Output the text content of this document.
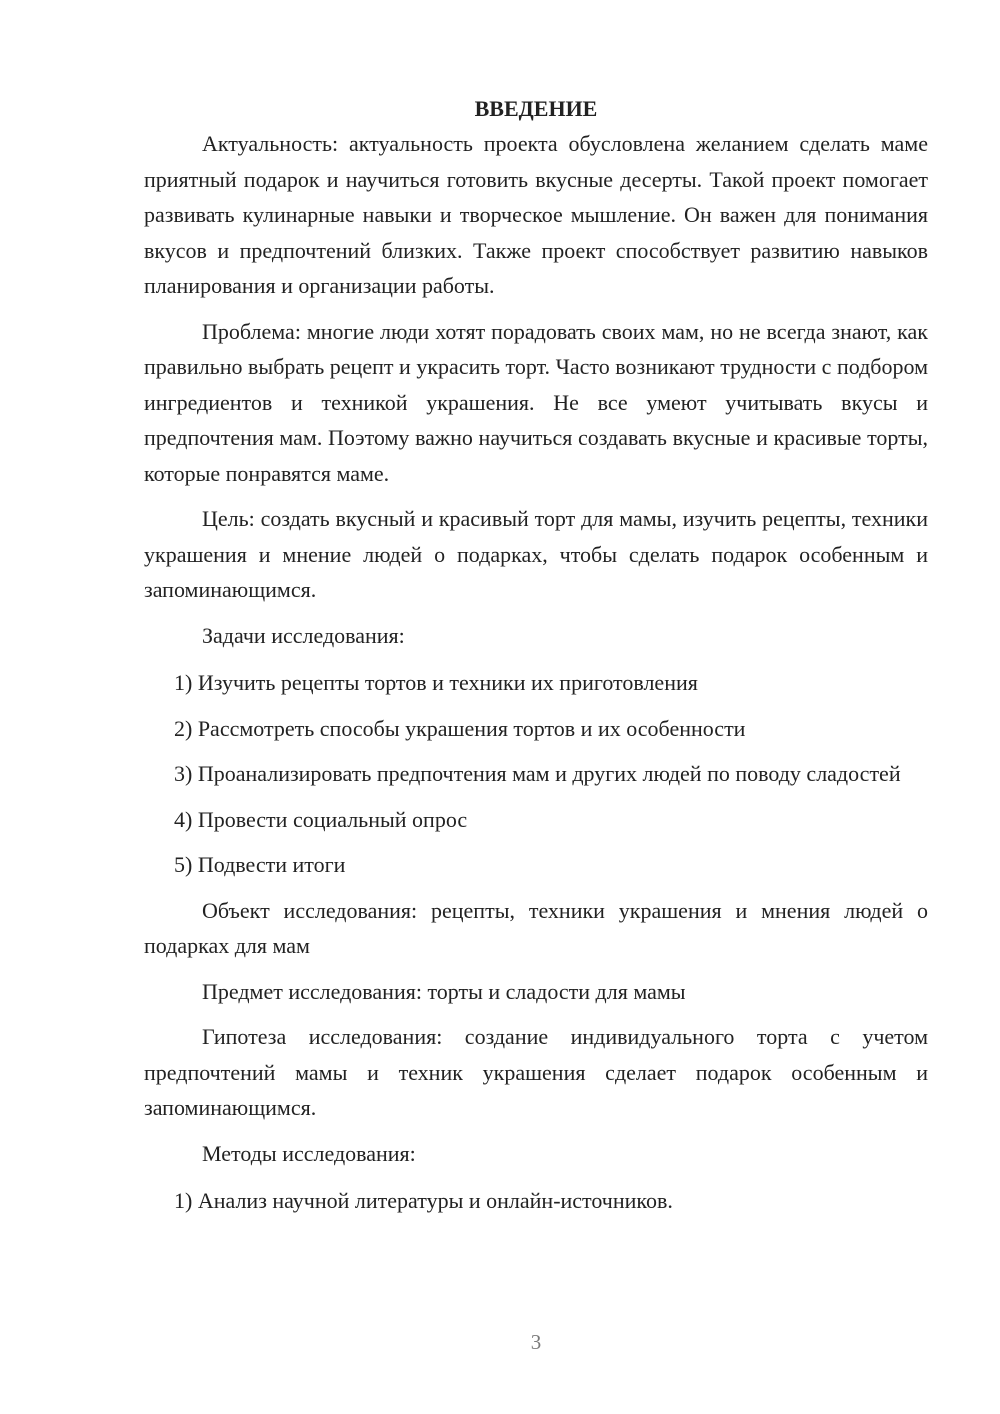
ВВЕДЕНИЕ

Актуальность: актуальность проекта обусловлена желанием сделать маме приятный подарок и научиться готовить вкусные десерты. Такой проект помогает развивать кулинарные навыки и творческое мышление. Он важен для понимания вкусов и предпочтений близких. Также проект способствует развитию навыков планирования и организации работы.

Проблема: многие люди хотят порадовать своих мам, но не всегда знают, как правильно выбрать рецепт и украсить торт. Часто возникают трудности с подбором ингредиентов и техникой украшения. Не все умеют учитывать вкусы и предпочтения мам. Поэтому важно научиться создавать вкусные и красивые торты, которые понравятся маме.

Цель: создать вкусный и красивый торт для мамы, изучить рецепты, техники украшения и мнение людей о подарках, чтобы сделать подарок особенным и запоминающимся.

Задачи исследования:

1) Изучить рецепты тортов и техники их приготовления

2) Рассмотреть способы украшения тортов и их особенности

3) Проанализировать предпочтения мам и других людей по поводу сладостей

4) Провести социальный опрос

5) Подвести итоги

Объект исследования: рецепты, техники украшения и мнения людей о подарках для мам

Предмет исследования: торты и сладости для мамы

Гипотеза исследования: создание индивидуального торта с учетом предпочтений мамы и техник украшения сделает подарок особенным и запоминающимся.

Методы исследования:

1) Анализ научной литературы и онлайн-источников.

3
